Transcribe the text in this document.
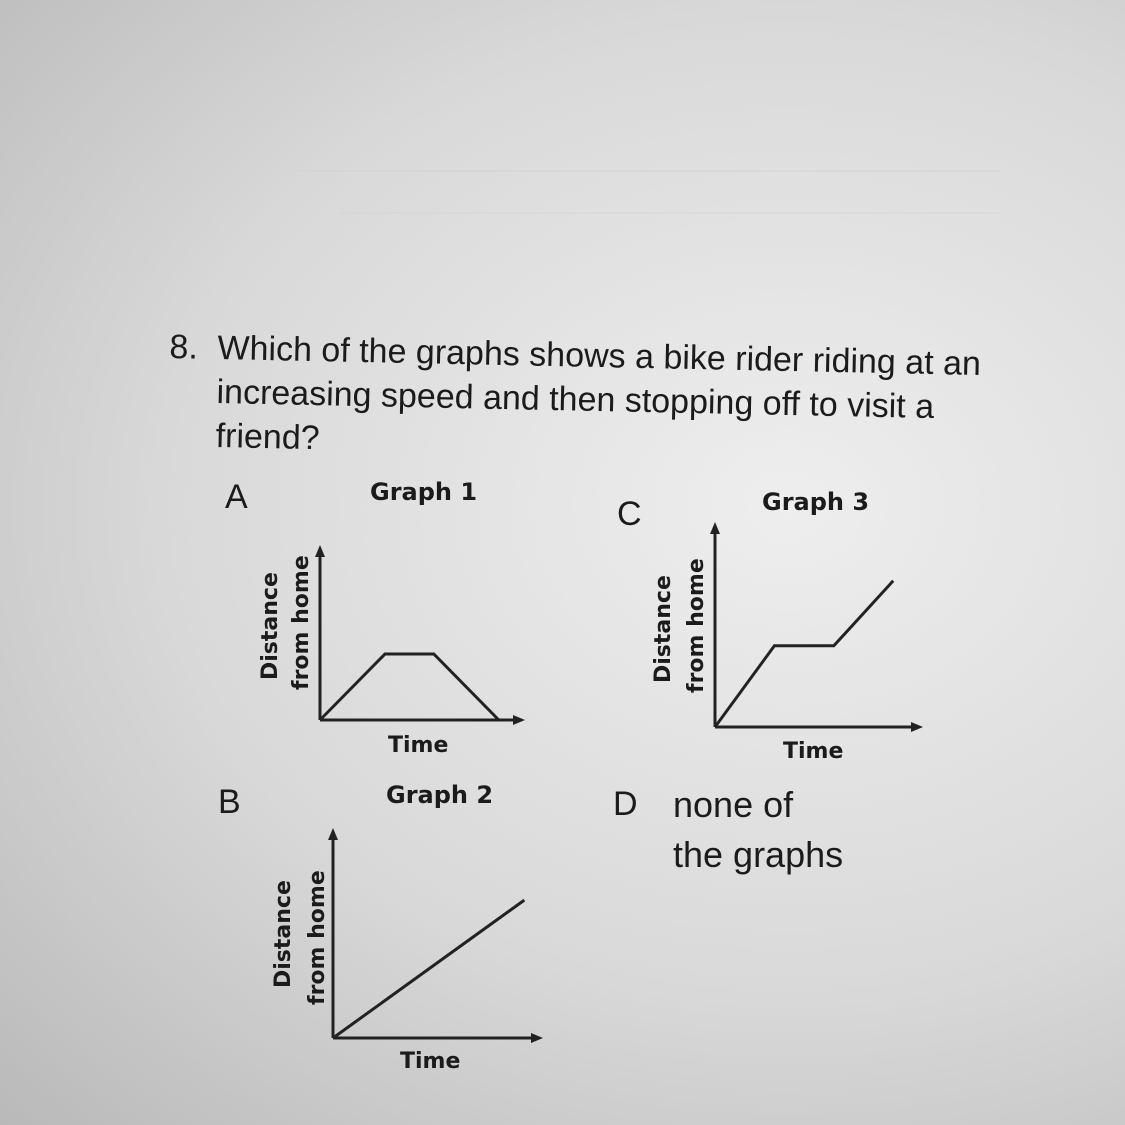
8. Which of the graphs shows a bike rider riding at an increasing speed and then stopping off to visit a friend?
A	Graph 1
Distance from home
Time
C	Graph 3
Distance from home
Time
B	Graph 2
Distance from home
Time
D none of
the graphs
